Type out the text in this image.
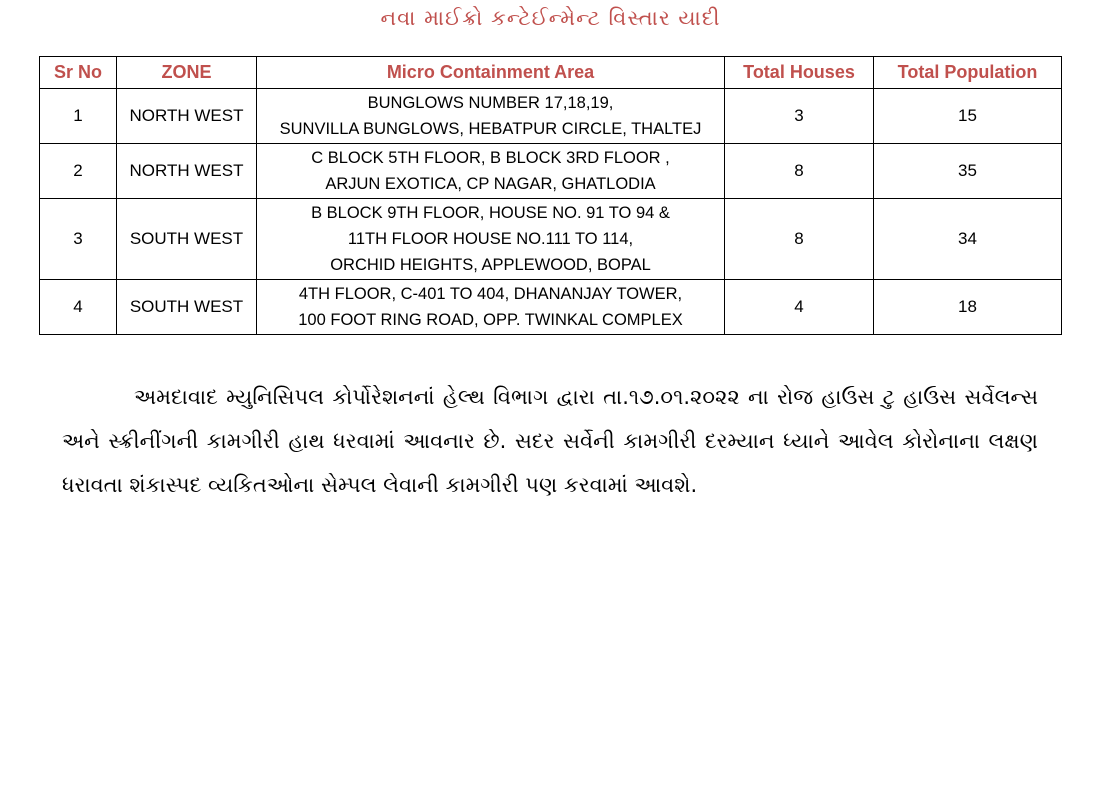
નવા માઈક્રો કન્ટેઈન્મેન્ટ વિસ્તાર યાદી
Sr No	ZONE	Micro Containment Area	Total Houses	Total Population
1	NORTH WEST	BUNGLOWS NUMBER 17,18,19,
SUNVILLA BUNGLOWS, HEBATPUR CIRCLE, THALTEJ	3	15
2	NORTH WEST	C BLOCK 5TH FLOOR, B BLOCK 3RD FLOOR ,
ARJUN EXOTICA, CP NAGAR, GHATLODIA	8	35
3	SOUTH WEST	B BLOCK 9TH FLOOR, HOUSE NO. 91 TO 94 &
11TH FLOOR HOUSE NO.111 TO 114,
ORCHID HEIGHTS, APPLEWOOD, BOPAL	8	34
4	SOUTH WEST	4TH FLOOR, C-401 TO 404, DHANANJAY TOWER,
100 FOOT RING ROAD, OPP. TWINKAL COMPLEX	4	18

અમદાવાદ મ્યુનિસિપલ કોર્પોરેશનનાં હેલ્થ વિભાગ દ્વારા તા.૧૭.૦૧.૨૦૨૨ ના રોજ હાઉસ ટુ હાઉસ સર્વેલન્સ અને સ્ક્રીનીંગની કામગીરી હાથ ધરવામાં આવનાર છે. સદર સર્વેની કામગીરી દરમ્યાન ધ્યાને આવેલ કોરોનાના લક્ષણ ધરાવતા શંકાસ્પદ વ્યકિતઓના સેમ્પલ લેવાની કામગીરી પણ કરવામાં આવશે.
